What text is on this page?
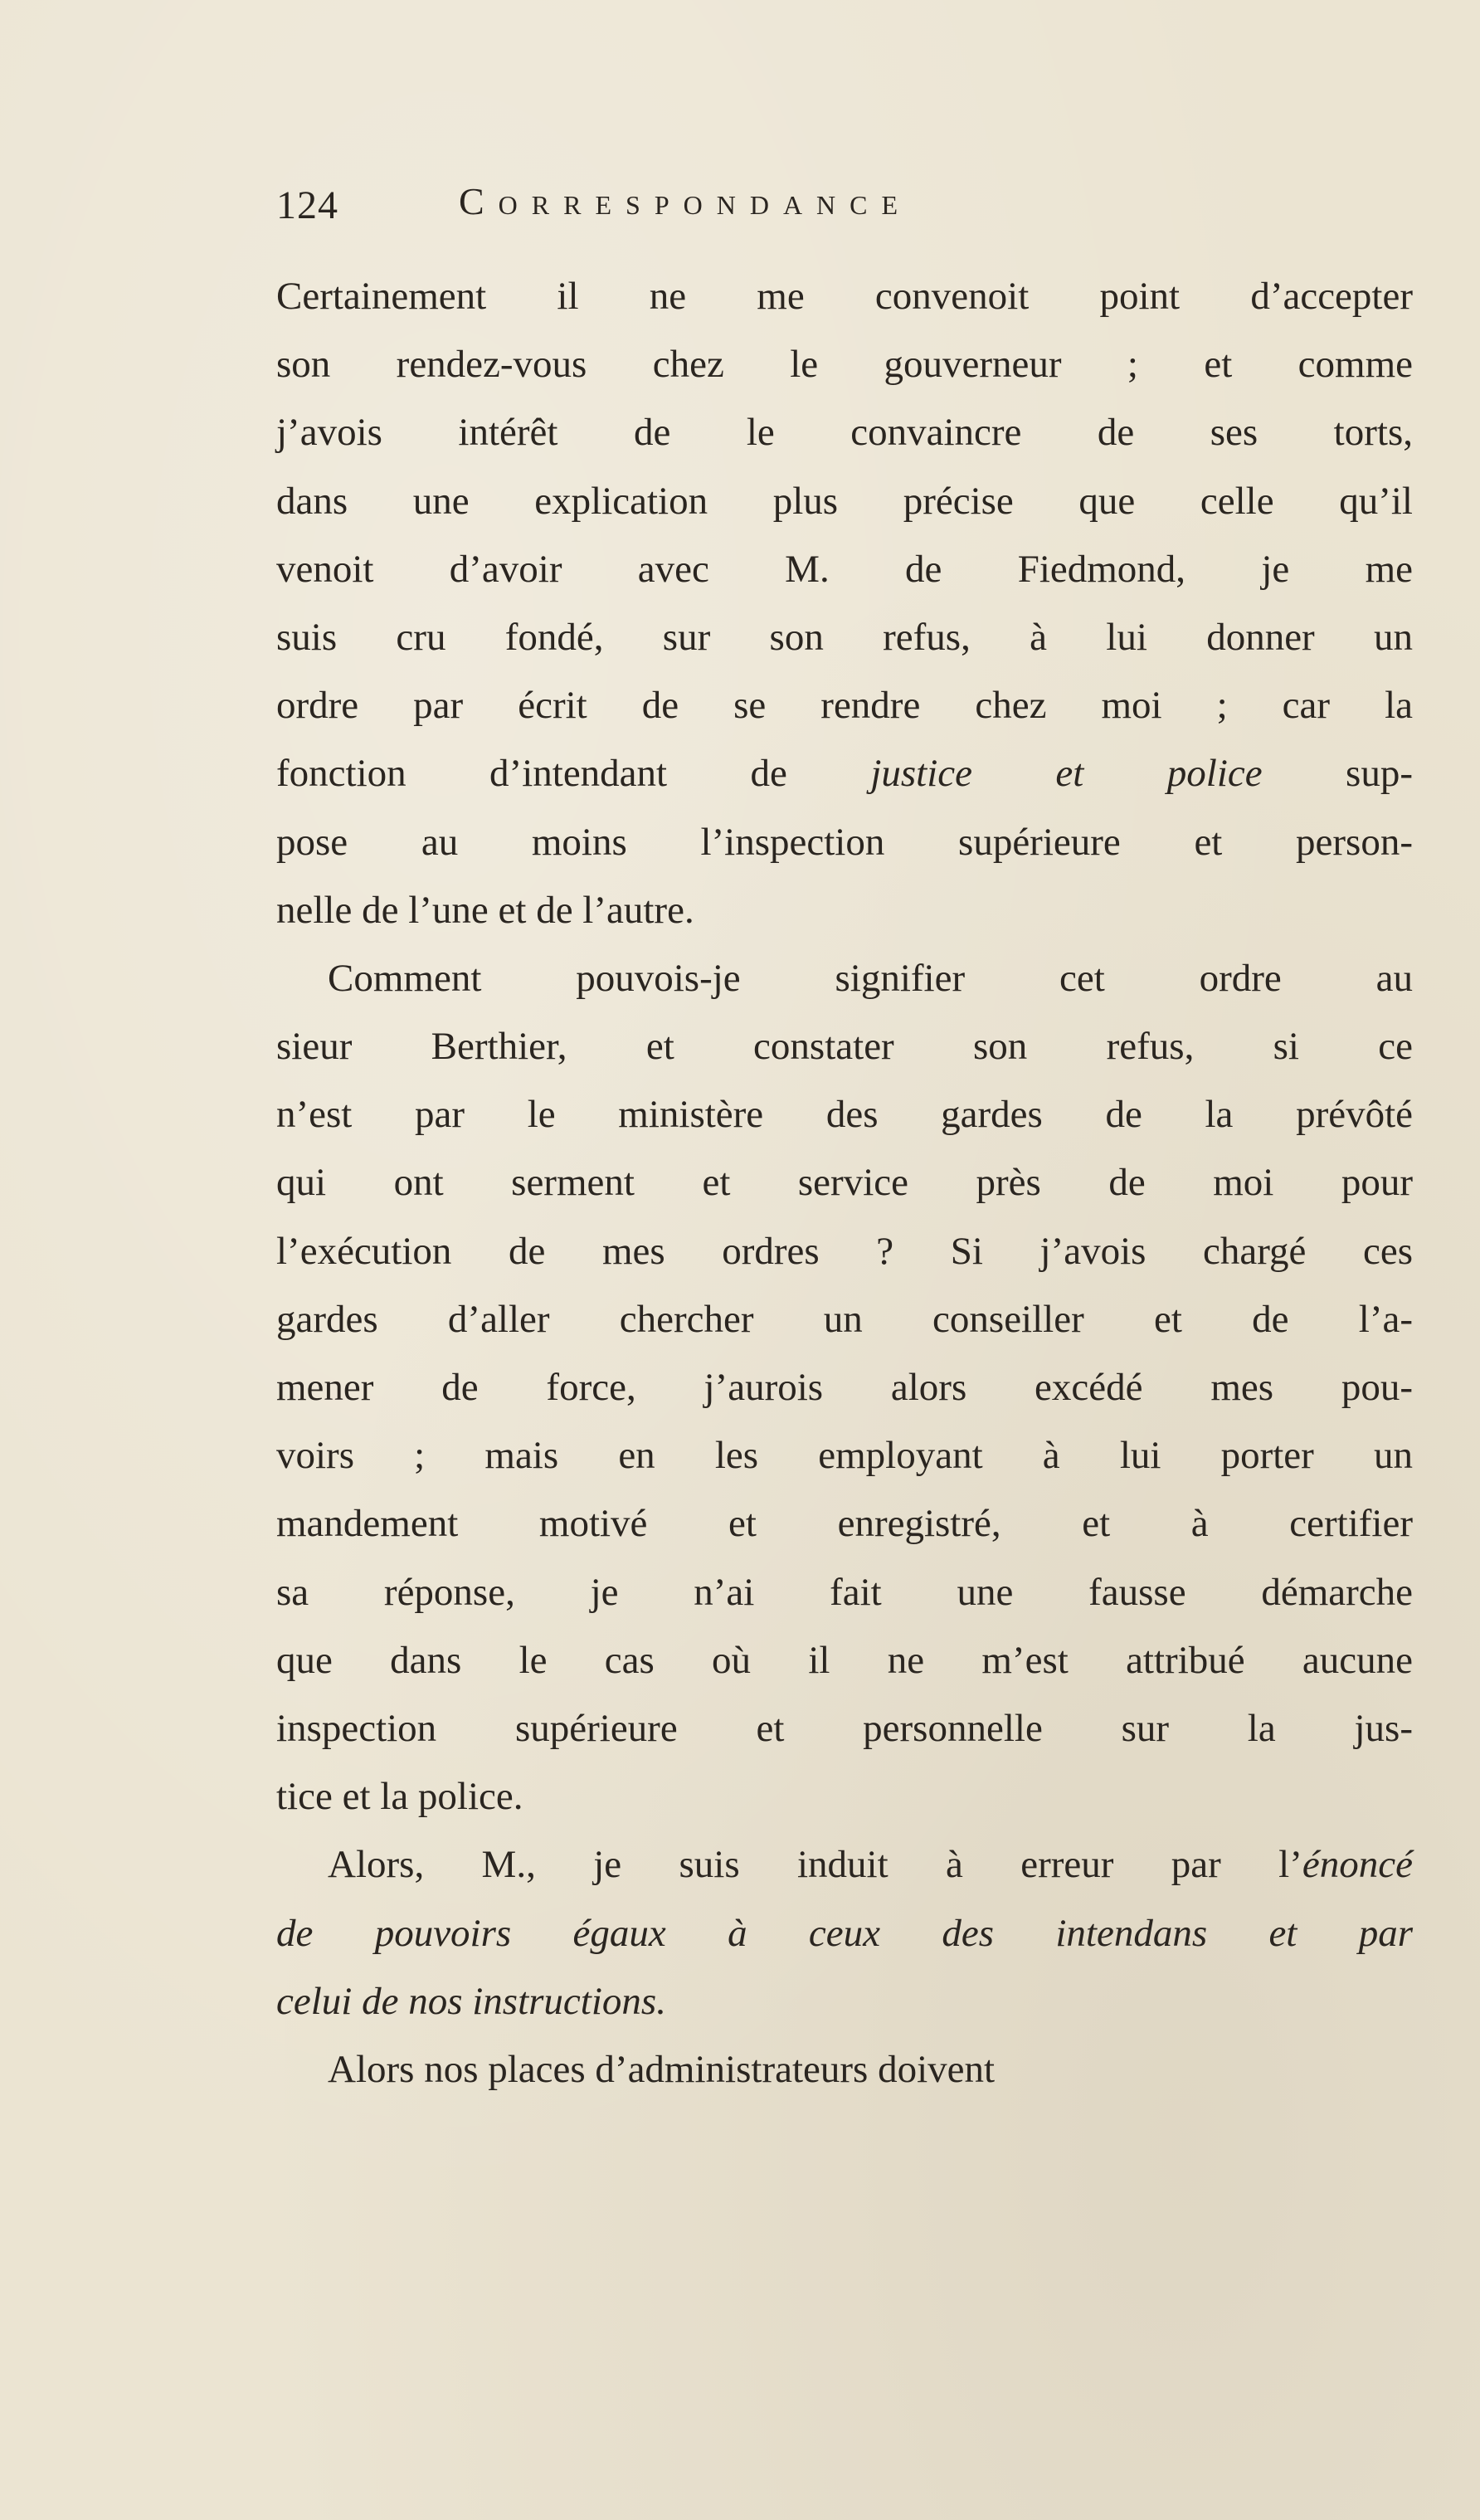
124	Correspondance
Certainement il ne me convenoit point d’accepter
son rendez-vous chez le gouverneur ; et comme
j’avois intérêt de le convaincre de ses torts,
dans une explication plus précise que celle qu’il
venoit d’avoir avec M. de Fiedmond, je me
suis cru fondé, sur son refus, à lui donner un
ordre par écrit de se rendre chez moi ; car la
fonction d’intendant de justice et police sup-
pose au moins l’inspection supérieure et person-
nelle de l’une et de l’autre.
Comment pouvois-je signifier cet ordre au
sieur Berthier, et constater son refus, si ce
n’est par le ministère des gardes de la prévôté
qui ont serment et service près de moi pour
l’exécution de mes ordres ? Si j’avois chargé ces
gardes d’aller chercher un conseiller et de l’a-
mener de force, j’aurois alors excédé mes pou-
voirs ; mais en les employant à lui porter un
mandement motivé et enregistré, et à certifier
sa réponse, je n’ai fait une fausse démarche
que dans le cas où il ne m’est attribué aucune
inspection supérieure et personnelle sur la jus-
tice et la police.
Alors, M., je suis induit à erreur par l’énoncé
de pouvoirs égaux à ceux des intendans et par
celui de nos instructions.
Alors nos places d’administrateurs doivent
